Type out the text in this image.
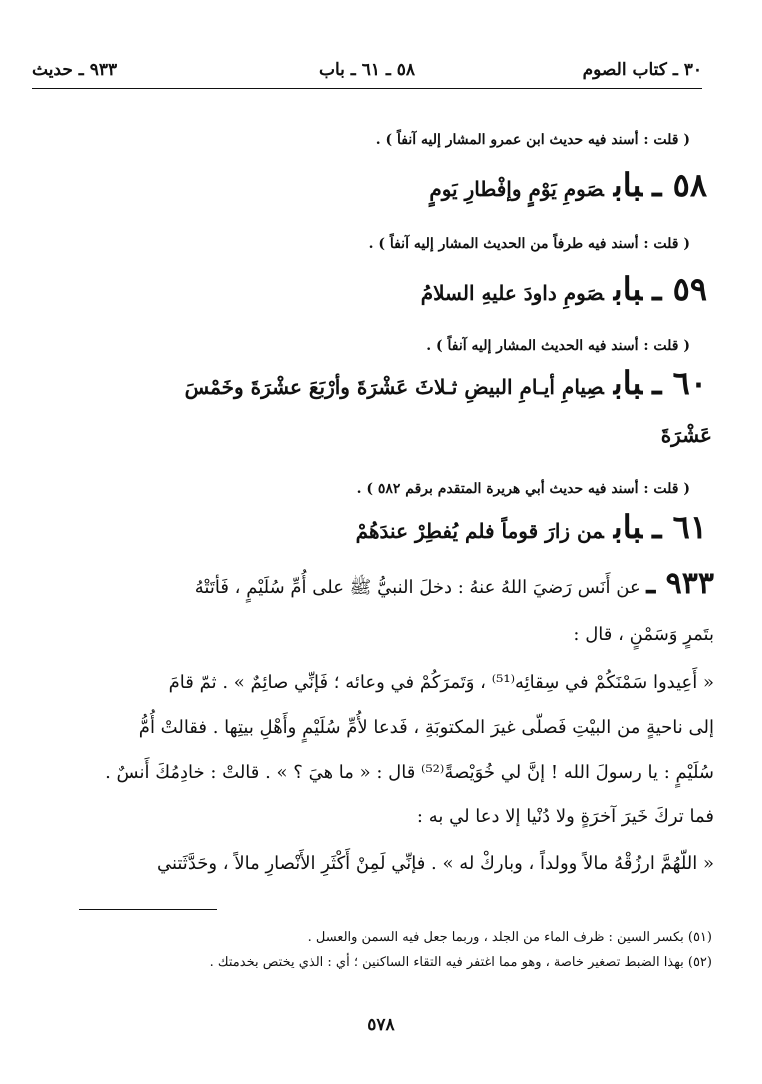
٣٠ ـ كتاب الصوم
٥٨ ـ ٦١ ـ باب
٩٣٣ ـ حديث
( قلت : أسند فيه حديث ابن عمرو المشار إليه آنفاً ) .
٥٨ ـبابصَومِ يَوْمٍ وإفْطارِ يَومٍ
( قلت : أسند فيه طرفاً من الحديث المشار إليه آنفاً ) .
٥٩ ـبابصَومِ داودَ عليهِ السلامُ
( قلت : أسند فيه الحديث المشار إليه آنفاً ) .
٦٠ ـبابصِيامِ أيـامِ البيضِ ثـلاثَ عَشْرَةَ وأرْبَعَ عشْرَةَ وخَمْسَ
عَشْرَةَ
( قلت : أسند فيه حديث أبي هريرة المتقدم برقم ٥٨٢ ) .
٦١ ـبابمن زارَ قوماً فلم يُفطِرْ عندَهُمْ
٩٣٣ ـ عن أَنَس رَضيَ اللهُ عنهُ : دخلَ النبيُّ ﷺ على أُمِّ سُلَيْمٍ ، فَأتَتْهُ
بتَمرٍ وَسَمْنٍ ، قال :
« أَعِيدوا سَمْنَكُمْ في سِقائِه⁽⁵¹⁾ ، وَتَمرَكُمْ في وعائه ؛ فَإنِّي صائِمٌ » . ثمّ قامَ
إلى ناحيةٍ من البيْتِ فَصلّى غيرَ المكتوبَةِ ، فَدعا لأُمِّ سُلَيْمٍ وأَهْلِ بيتِها . فقالتْ أُمُّ
سُلَيْمٍ : يا رسولَ الله ! إنَّ لي خُوَيْصةً⁽⁵²⁾ قال : « ما هيَ ؟ » . قالتْ : خادِمُكَ أَنسٌ .
فما تركَ خَيرَ آخرَةٍ ولا دُنْيا إلا دعا لي به :
« اللّهُمَّ ارزُقْهُ مالاً وولداً ، وباركْ له » . فإنِّي لَمِنْ أَكْثَرِ الأَنْصارِ مالاً ، وحَدَّثَتني
(٥١) بكسر السين : ظرف الماء من الجلد ، وربما جعل فيه السمن والعسل .
(٥٢) بهذا الضبط تصغير خاصة ، وهو مما اغتفر فيه التقاء الساكنين ؛ أي : الذي يختص بخدمتك .
٥٧٨
